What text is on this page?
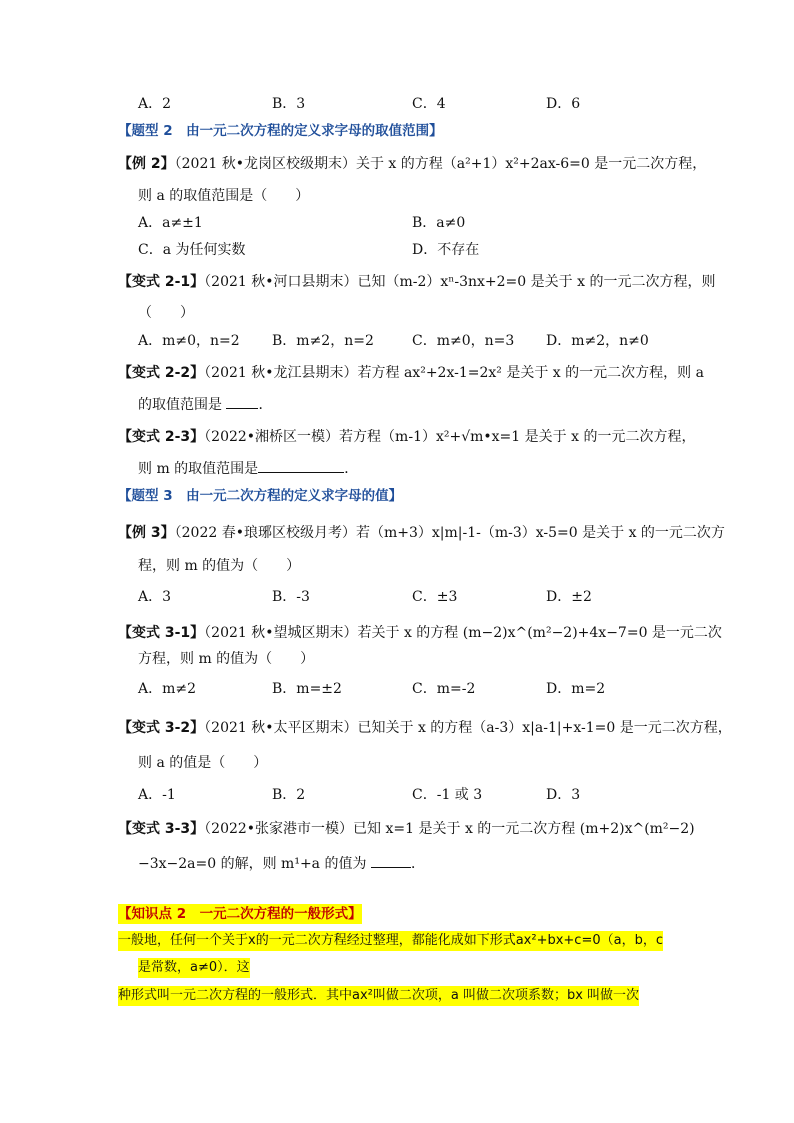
A．2	B．3	C．4	D．6
【题型 2　由一元二次方程的定义求字母的取值范围】
【例 2】（2021 秋•龙岗区校级期末）关于 x 的方程（a²+1）x²+2ax-6=0 是一元二次方程，
则 a 的取值范围是（　　）
A．a≠±1	B．a≠0
C．a 为任何实数	D．不存在
【变式 2-1】（2021 秋•河口县期末）已知（m-2）xⁿ-3nx+2=0 是关于 x 的一元二次方程，则
（　　）
A．m≠0，n=2 B．m≠2，n=2	C．m≠0，n=3 D．m≠2，n≠0
【变式 2-2】（2021 秋•龙江县期末）若方程 ax²+2x-1=2x² 是关于 x 的一元二次方程，则 a
的取值范围是	．
【变式 2-3】（2022•湘桥区一模）若方程（m-1）x²+√m•x=1 是关于 x 的一元二次方程，
则 m 的取值范围是	．
【题型 3　由一元二次方程的定义求字母的值】
【例 3】（2022 春•琅琊区校级月考）若（m+3）x|m|-1-（m-3）x-5=0 是关于 x 的一元二次方
程，则 m 的值为（　　）
A．3	B．-3	C．±3	D．±2
【变式 3-1】（2021 秋•望城区期末）若关于 x 的方程 (m−2)x^(m²−2)+4x−7=0 是一元二次
方程，则 m 的值为（　　）
A．m≠2	B．m=±2	C．m=-2	D．m=2
【变式 3-2】（2021 秋•太平区期末）已知关于 x 的方程（a-3）x|a-1|+x-1=0 是一元二次方程，
则 a 的值是（　　）
A．-1	B．2	C．-1 或 3	D．3
【变式 3-3】（2022•张家港市一模）已知 x=1 是关于 x 的一元二次方程 (m+2)x^(m²−2)
−3x−2a=0 的解，则 m¹+a 的值为	．
【知识点 2　一元二次方程的一般形式】
一般地，任何一个关于x的一元二次方程经过整理，都能化成如下形式ax²+bx+c=0（a，b，c
是常数，a≠0）．这
种形式叫一元二次方程的一般形式．其中ax²叫做二次项，a 叫做二次项系数；bx 叫做一次
